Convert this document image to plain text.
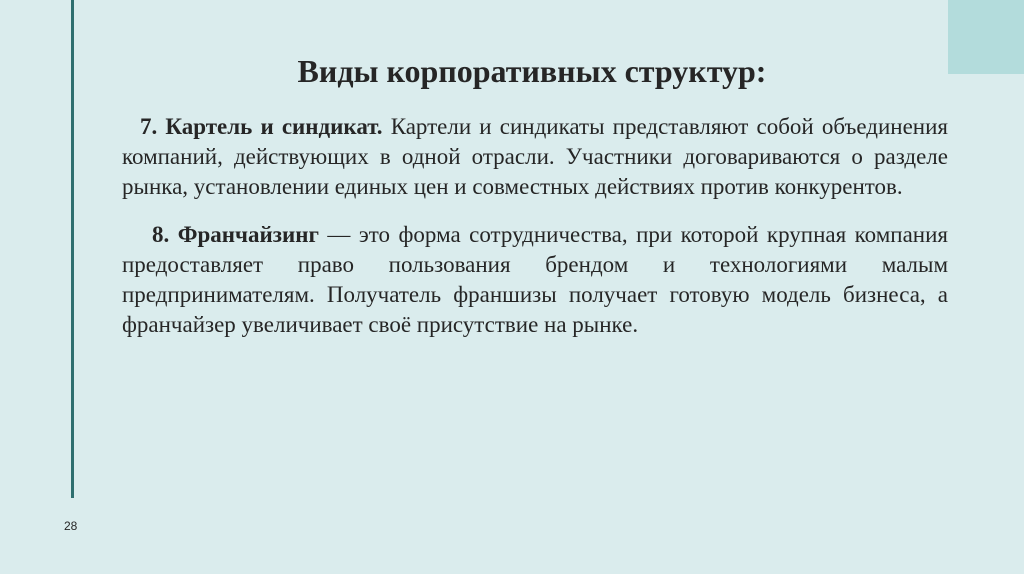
Виды корпоративных структур:

7. Картель и синдикат. Картели и синдикаты представляют собой объединения компаний, действующих в одной отрасли. Участники договариваются о разделе рынка, установлении единых цен и совместных действиях против конкурентов.

8. Франчайзинг — это форма сотрудничества, при которой крупная компания предоставляет право пользования брендом и технологиями малым предпринимателям. Получатель франшизы получает готовую модель бизнеса, а франчайзер увеличивает своё присутствие на рынке.

28
